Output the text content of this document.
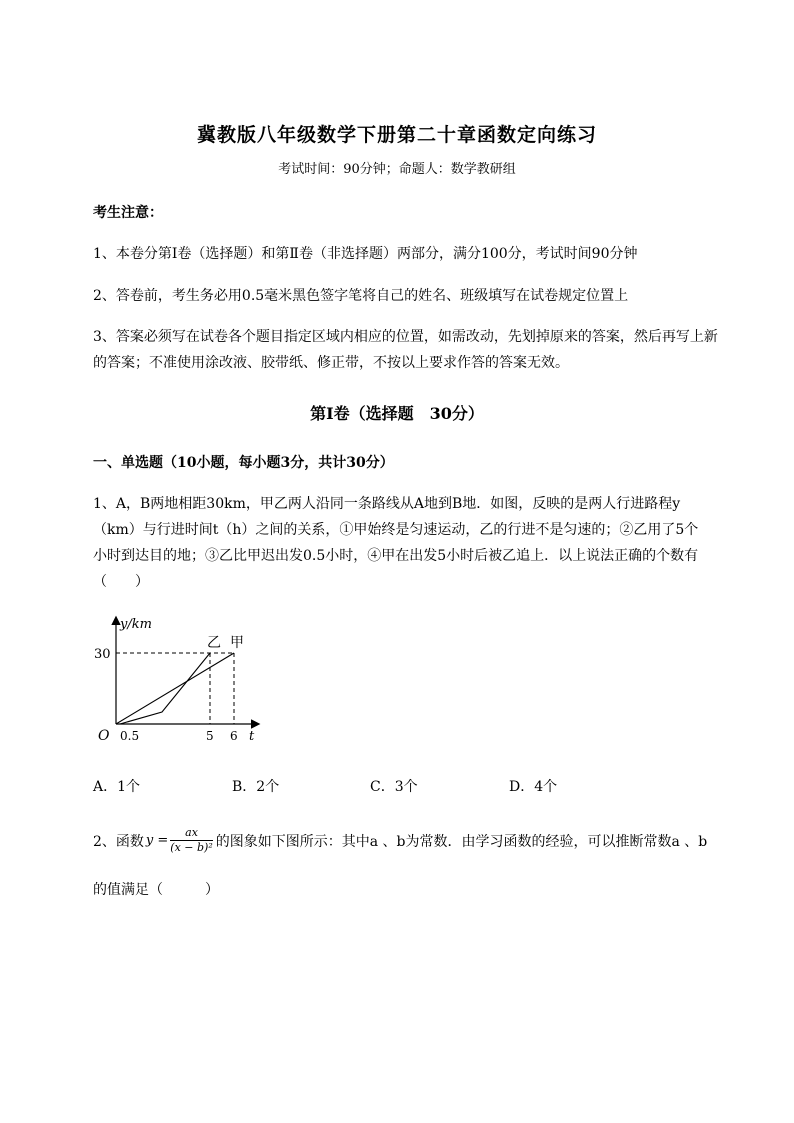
冀教版八年级数学下册第二十章函数定向练习
考试时间：90分钟；命题人：数学教研组
考生注意：
1、本卷分第I卷（选择题）和第Ⅱ卷（非选择题）两部分，满分100分，考试时间90分钟
2、答卷前，考生务必用0.5毫米黑色签字笔将自己的姓名、班级填写在试卷规定位置上
3、答案必须写在试卷各个题目指定区域内相应的位置，如需改动，先划掉原来的答案，然后再写上新
的答案；不准使用涂改液、胶带纸、修正带，不按以上要求作答的答案无效。
第I卷（选择题　30分）
一、单选题（10小题，每小题3分，共计30分）
1、A，B两地相距30km，甲乙两人沿同一条路线从A地到B地．如图，反映的是两人行进路程y
（km）与行进时间t（h）之间的关系，①甲始终是匀速运动，乙的行进不是匀速的；②乙用了5个
小时到达目的地；③乙比甲迟出发0.5小时，④甲在出发5小时后被乙追上．以上说法正确的个数有
（　　）
y/km
t
O
30
0.5	5 6
乙 甲
A．1个	B．2个	C．3个	D．4个
2、函数 $y = \frac{ax}{\text{(x − b)²}}$ 的图象如下图所示：其中a 、b为常数．由学习函数的经验，可以推断常数a 、b
的值满足（　　　）
